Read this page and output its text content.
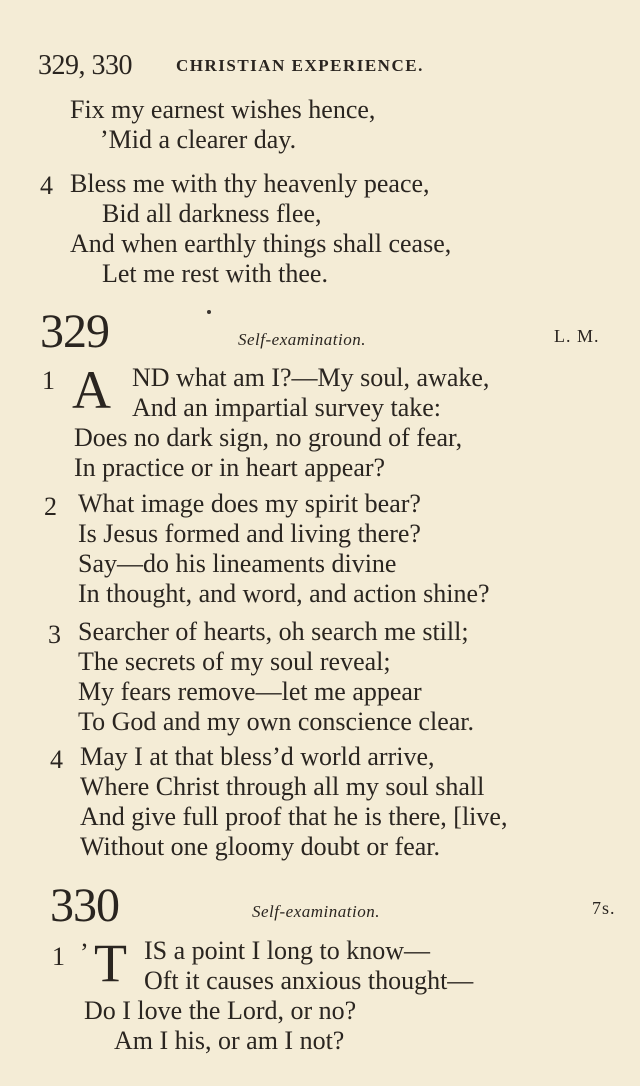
329, 330	CHRISTIAN EXPERIENCE.
Fix my earnest wishes hence,
’Mid a clearer day.
4 Bless me with thy heavenly peace,
Bid all darkness flee,
And when earthly things shall cease,
Let me rest with thee.
329	Self-examination.	L. M.
1 A ND what am I?—My soul, awake,
And an impartial survey take:
Does no dark sign, no ground of fear,
In practice or in heart appear?
2 What image does my spirit bear?
Is Jesus formed and living there?
Say—do his lineaments divine
In thought, and word, and action shine?
3 Searcher of hearts, oh search me still;
The secrets of my soul reveal;
My fears remove—let me appear
To God and my own conscience clear.
4 May I at that bless’d world arrive,
Where Christ through all my soul shall
And give full proof that he is there, [live,
Without one gloomy doubt or fear.
330	Self-examination.	7s.
1 ’ T IS a point I long to know—
Oft it causes anxious thought—
Do I love the Lord, or no?
Am I his, or am I not?
